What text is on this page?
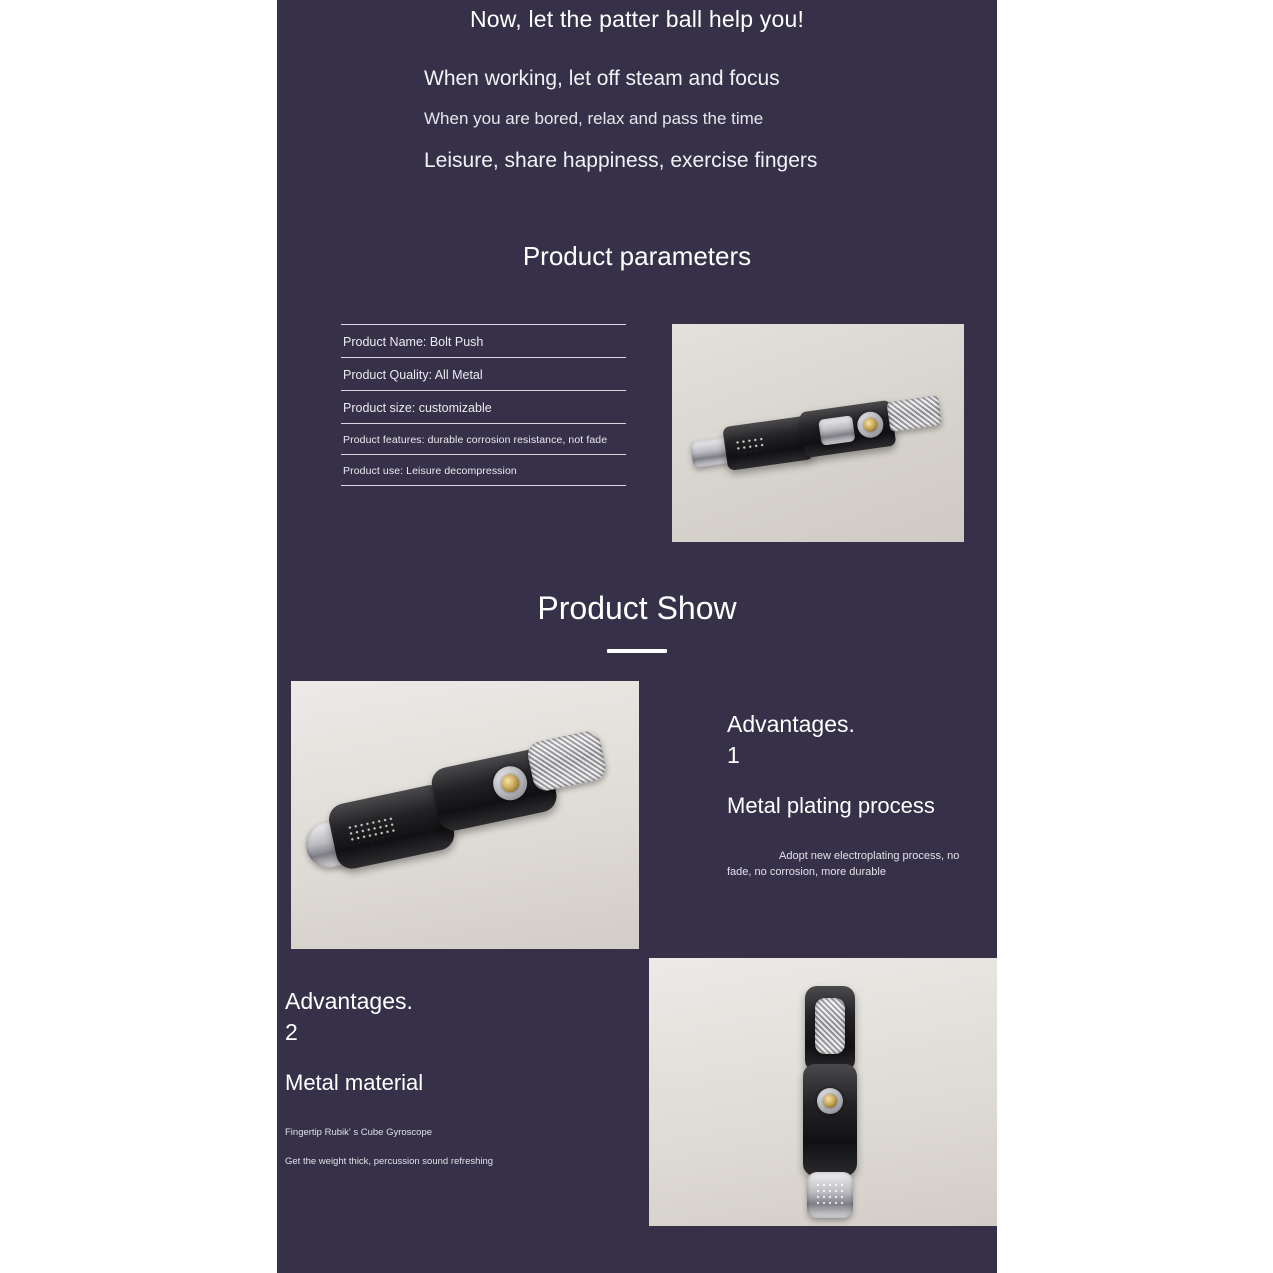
Now, let the patter ball help you!
When working, let off steam and focus
When you are bored, relax and pass the time
Leisure, share happiness, exercise fingers
Product parameters
Product Name: Bolt Push
Product Quality: All Metal
Product size: customizable
Product features: durable corrosion resistance, not fade
Product use: Leisure decompression
Product Show
Advantages.
1
Metal plating process
Adopt new electroplating process, no fade, no corrosion, more durable
Advantages.
2
Metal material
Fingertip Rubik' s Cube Gyroscope
Get the weight thick, percussion sound refreshing
